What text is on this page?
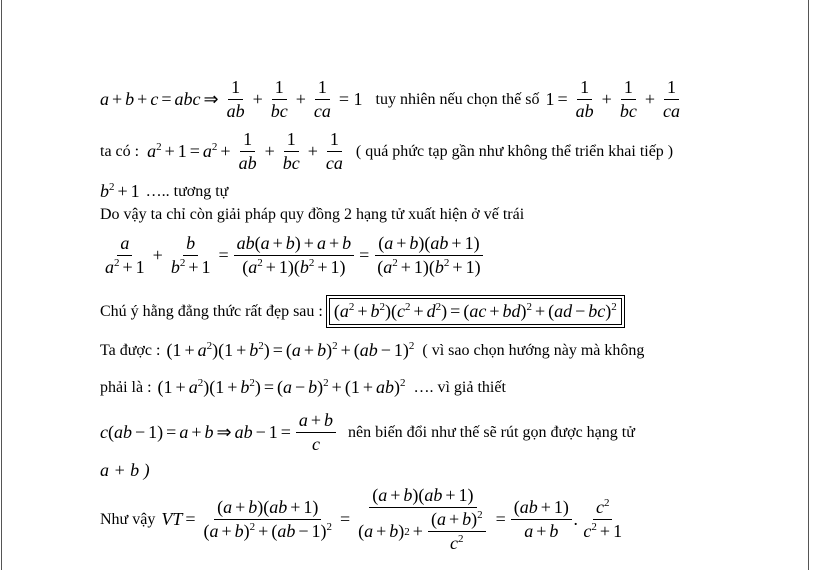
a + b + c = abc ⇒ $\frac{1}{ab} + \frac{1}{bc} + \frac{1}{ca} = 1$ tuy nhiên nếu chọn thế số $1 = \frac{1}{ab} + \frac{1}{bc} + \frac{1}{ca}$
ta có : $a^2 + 1 = a^2 + \frac{1}{ab} + \frac{1}{bc} + \frac{1}{ca}$ ( quá phức tạp gần như không thể triển khai tiếp )
$b^2 + 1$ ….. tương tự
Do vậy ta chỉ còn giải pháp quy đồng 2 hạng tử xuất hiện ở vế trái
$\frac{a}{a^2 + 1} + \frac{b}{b^2 + 1} = \frac{ab(a + b) + a + b}{(a^2 + 1)(b^2 + 1)} = \frac{(a + b)(ab + 1)}{(a^2 + 1)(b^2 + 1)}$
Chú ý hằng đẳng thức rất đẹp sau : $(a^2 + b^2)(c^2 + d^2) = (ac + bd)^2 + (ad - bc)^2$
Ta được : $(1 + a^2)(1 + b^2) = (a + b)^2 + (ab - 1)^2$ ( vì sao chọn hướng này mà không
phải là : $(1 + a^2)(1 + b^2) = (a - b)^2 + (1 + ab)^2$ …. vì giả thiết
c(ab − 1) = a + b ⇒ ab − $1 = \frac{a + b}{c}$ nên biến đổi như thế sẽ rút gọn được hạng tử
a + b )
Như vậy VT = $\frac{(a + b)(ab + 1)}{(a + b)^2 + (ab - 1)^2} = \frac{(a + b)(ab + 1)}{( a + b ) 2 + \frac{(a + b)^2}{c^2}} = \frac{(ab + 1)}{a + b}$ . $\frac{c^2}{c^2 + 1}$
